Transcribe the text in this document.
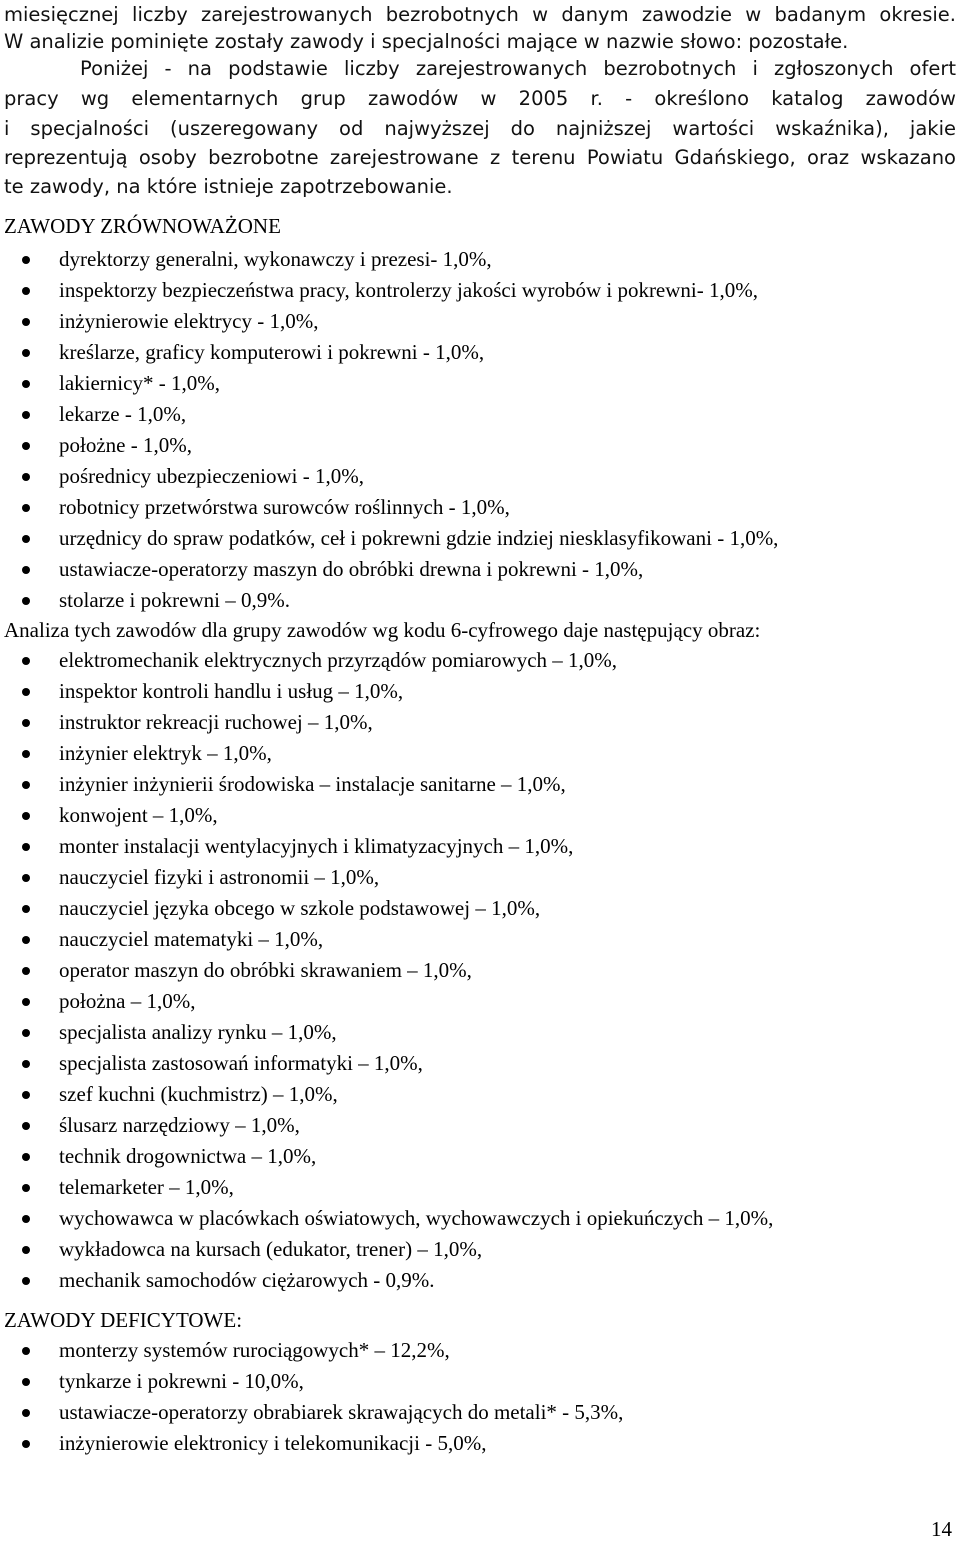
miesięcznej liczby zarejestrowanych bezrobotnych w danym zawodzie w badanym okresie.
W analizie pominięte zostały zawody i specjalności mające w nazwie słowo: pozostałe.
Poniżej - na podstawie liczby zarejestrowanych bezrobotnych i zgłoszonych ofert
pracy wg elementarnych grup zawodów w 2005 r. - określono katalog zawodów
i specjalności (uszeregowany od najwyższej do najniższej wartości wskaźnika), jakie
reprezentują osoby bezrobotne zarejestrowane z terenu Powiatu Gdańskiego, oraz wskazano
te zawody, na które istnieje zapotrzebowanie.
ZAWODY ZRÓWNOWAŻONE
dyrektorzy generalni, wykonawczy i prezesi- 1,0%,
inspektorzy bezpieczeństwa pracy, kontrolerzy jakości wyrobów i pokrewni- 1,0%,
inżynierowie elektrycy - 1,0%,
kreślarze, graficy komputerowi i pokrewni - 1,0%,
lakiernicy* - 1,0%,
lekarze - 1,0%,
położne - 1,0%,
pośrednicy ubezpieczeniowi - 1,0%,
robotnicy przetwórstwa surowców roślinnych - 1,0%,
urzędnicy do spraw podatków, ceł i pokrewni gdzie indziej niesklasyfikowani - 1,0%,
ustawiacze-operatorzy maszyn do obróbki drewna i pokrewni - 1,0%,
stolarze i pokrewni – 0,9%.
Analiza tych zawodów dla grupy zawodów wg kodu 6-cyfrowego daje następujący obraz:
elektromechanik elektrycznych przyrządów pomiarowych – 1,0%,
inspektor kontroli handlu i usług – 1,0%,
instruktor rekreacji ruchowej – 1,0%,
inżynier elektryk – 1,0%,
inżynier inżynierii środowiska – instalacje sanitarne – 1,0%,
konwojent – 1,0%,
monter instalacji wentylacyjnych i klimatyzacyjnych – 1,0%,
nauczyciel fizyki i astronomii – 1,0%,
nauczyciel języka obcego w szkole podstawowej – 1,0%,
nauczyciel matematyki – 1,0%,
operator maszyn do obróbki skrawaniem – 1,0%,
położna – 1,0%,
specjalista analizy rynku – 1,0%,
specjalista zastosowań informatyki – 1,0%,
szef kuchni (kuchmistrz) – 1,0%,
ślusarz narzędziowy – 1,0%,
technik drogownictwa – 1,0%,
telemarketer – 1,0%,
wychowawca w placówkach oświatowych, wychowawczych i opiekuńczych – 1,0%,
wykładowca na kursach (edukator, trener) – 1,0%,
mechanik samochodów ciężarowych - 0,9%.
ZAWODY DEFICYTOWE:
monterzy systemów rurociągowych* – 12,2%,
tynkarze i pokrewni - 10,0%,
ustawiacze-operatorzy obrabiarek skrawających do metali* - 5,3%,
inżynierowie elektronicy i telekomunikacji - 5,0%,
14
